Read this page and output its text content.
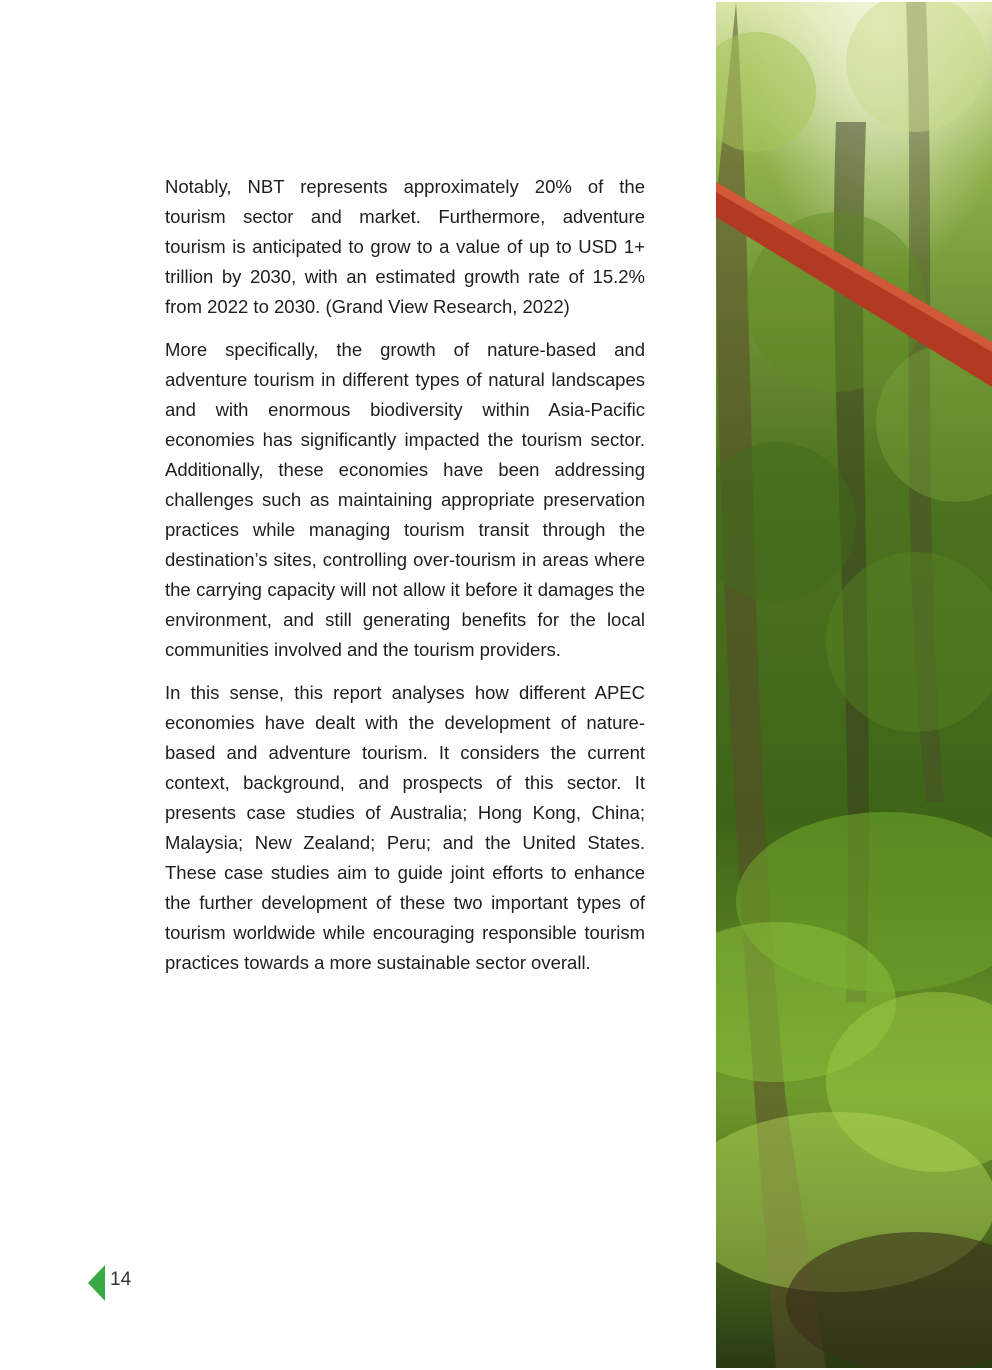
Notably, NBT represents approximately 20% of the tourism sector and market. Furthermore, adventure tourism is anticipated to grow to a value of up to USD 1+ trillion by 2030, with an estimated growth rate of 15.2% from 2022 to 2030. (Grand View Research, 2022)

More specifically, the growth of nature-based and adventure tourism in different types of natural landscapes and with enormous biodiversity within Asia-Pacific economies has significantly impacted the tourism sector. Additionally, these economies have been addressing challenges such as maintaining appropriate preservation practices while managing tourism transit through the destination’s sites, controlling over-tourism in areas where the carrying capacity will not allow it before it damages the environment, and still generating benefits for the local communities involved and the tourism providers.

In this sense, this report analyses how different APEC economies have dealt with the development of nature-based and adventure tourism. It considers the current context, background, and prospects of this sector. It presents case studies of Australia; Hong Kong, China; Malaysia; New Zealand; Peru; and the United States. These case studies aim to guide joint efforts to enhance the further development of these two important types of tourism worldwide while encouraging responsible tourism practices towards a more sustainable sector overall.

14
